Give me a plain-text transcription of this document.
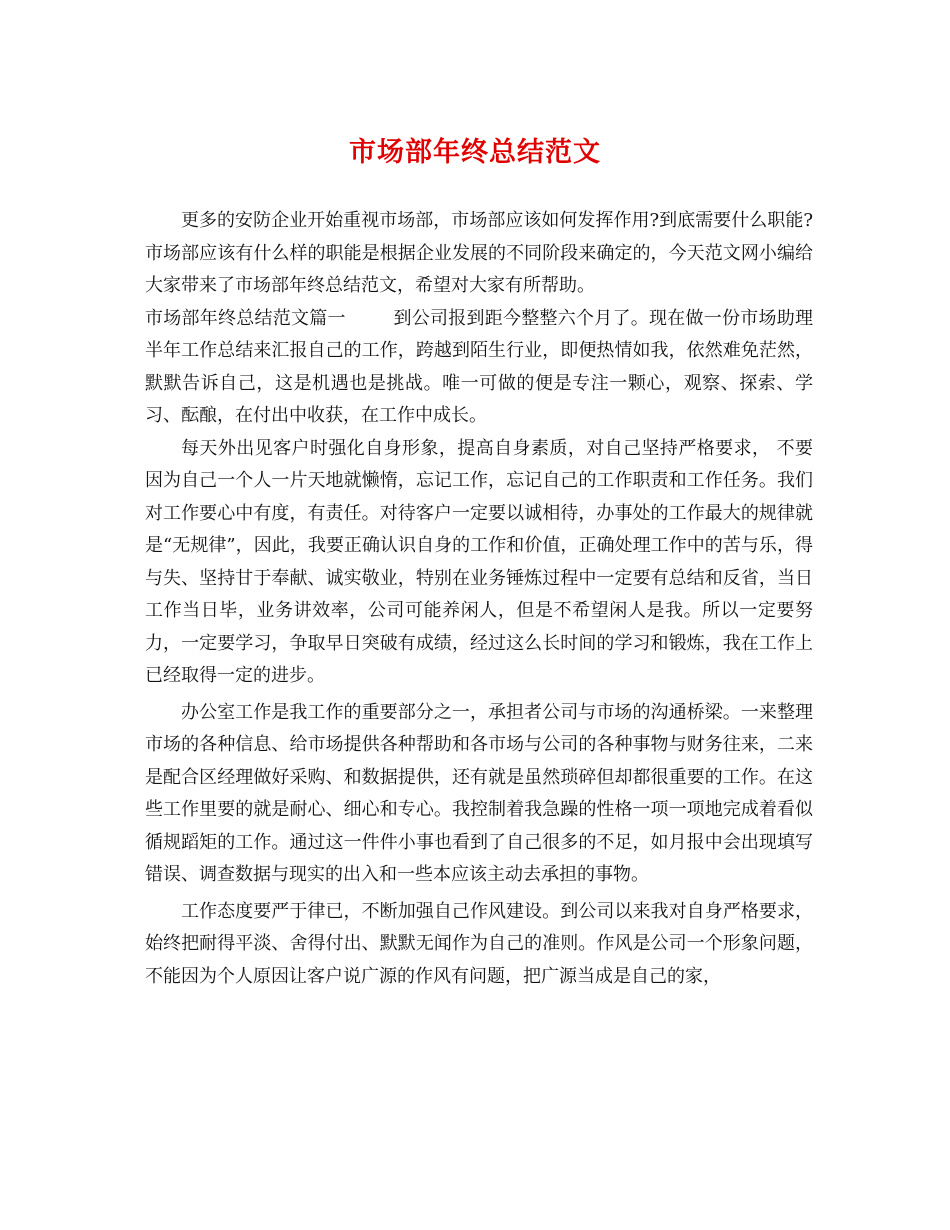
市场部年终总结范文

更多的安防企业开始重视市场部，市场部应该如何发挥作用?到底需要什么职能?市场部应该有什么样的职能是根据企业发展的不同阶段来确定的，今天范文网小编给大家带来了市场部年终总结范文，希望对大家有所帮助。

市场部年终总结范文篇一        到公司报到距今整整六个月了。现在做一份市场助理半年工作总结来汇报自己的工作，跨越到陌生行业，即便热情如我，依然难免茫然，默默告诉自己，这是机遇也是挑战。唯一可做的便是专注一颗心，观察、探索、学习、酝酿，在付出中收获，在工作中成长。

每天外出见客户时强化自身形象，提高自身素质，对自己坚持严格要求， 不要因为自己一个人一片天地就懒惰，忘记工作，忘记自己的工作职责和工作任务。我们对工作要心中有度，有责任。对待客户一定要以诚相待，办事处的工作最大的规律就是“无规律”，因此，我要正确认识自身的工作和价值，正确处理工作中的苦与乐，得与失、坚持甘于奉献、诚实敬业，特别在业务锤炼过程中一定要有总结和反省，当日工作当日毕，业务讲效率，公司可能养闲人，但是不希望闲人是我。所以一定要努力，一定要学习，争取早日突破有成绩，经过这么长时间的学习和锻炼，我在工作上已经取得一定的进步。

办公室工作是我工作的重要部分之一，承担者公司与市场的沟通桥梁。一来整理市场的各种信息、给市场提供各种帮助和各市场与公司的各种事物与财务往来，二来是配合区经理做好采购、和数据提供，还有就是虽然琐碎但却都很重要的工作。在这些工作里要的就是耐心、细心和专心。我控制着我急躁的性格一项一项地完成着看似循规蹈矩的工作。通过这一件件小事也看到了自己很多的不足，如月报中会出现填写错误、调查数据与现实的出入和一些本应该主动去承担的事物。

工作态度要严于律已，不断加强自己作风建设。到公司以来我对自身严格要求，始终把耐得平淡、舍得付出、默默无闻作为自己的准则。作风是公司一个形象问题，不能因为个人原因让客户说广源的作风有问题，把广源当成是自己的家，
